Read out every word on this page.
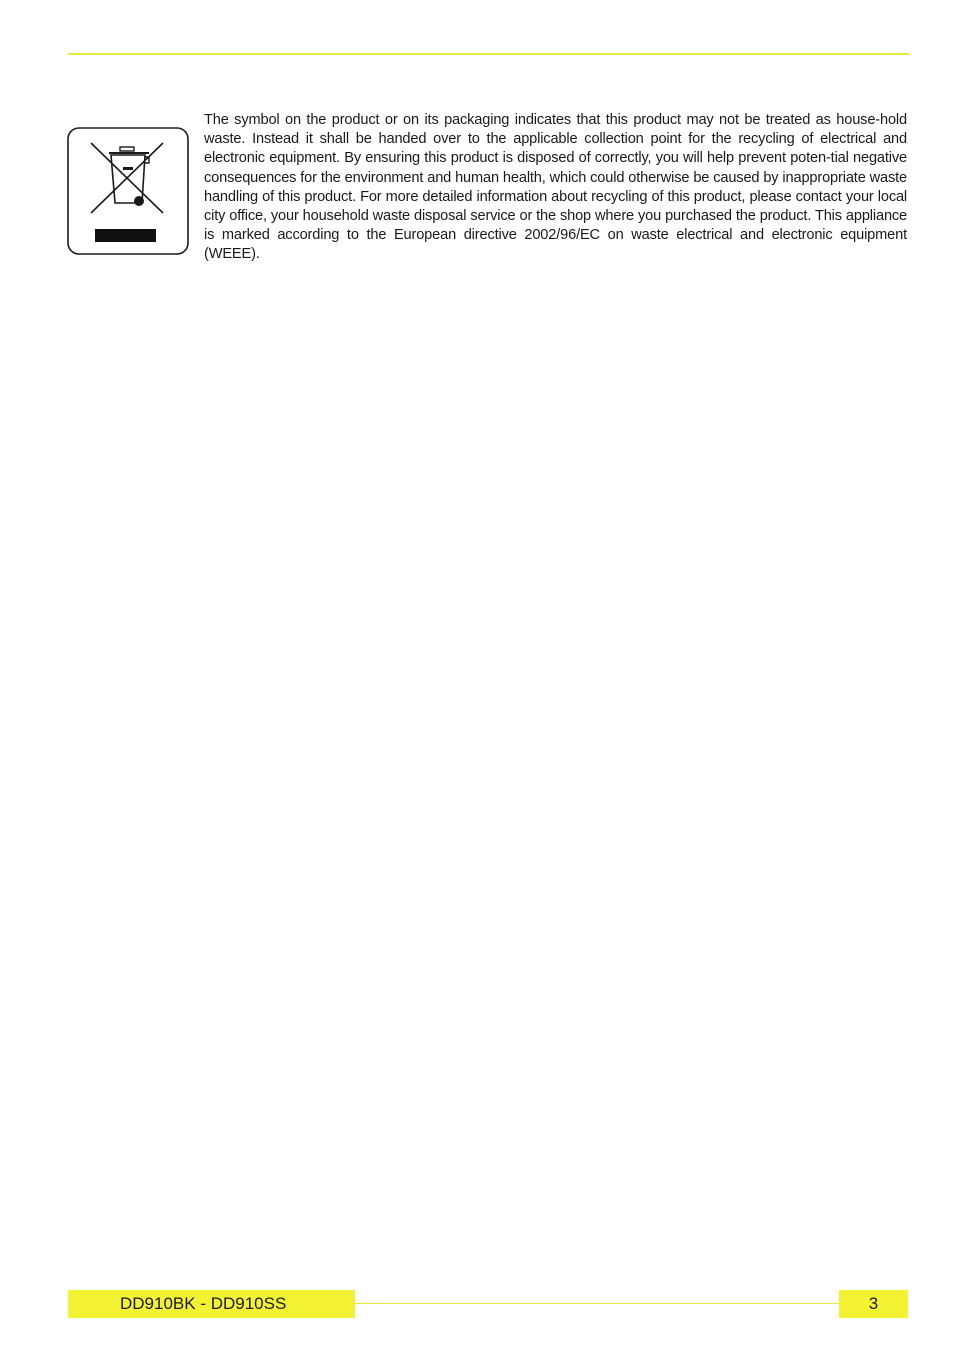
The symbol on the product or on its packaging indicates that this product may not be treated as house-hold waste. Instead it shall be handed over to the applicable collection point for the recycling of electrical and electronic equipment. By ensuring this product is disposed of correctly, you will help prevent poten-tial negative consequences for the environment and human health, which could otherwise be caused by inappropriate waste handling of this product. For more detailed information about recycling of this product, please contact your local city office, your household waste disposal service or the shop where you purchased the product. This appliance is marked according to the European directive 2002/96/EC on waste electrical and electronic equipment (WEEE).

DD910BK - DD910SS	3
